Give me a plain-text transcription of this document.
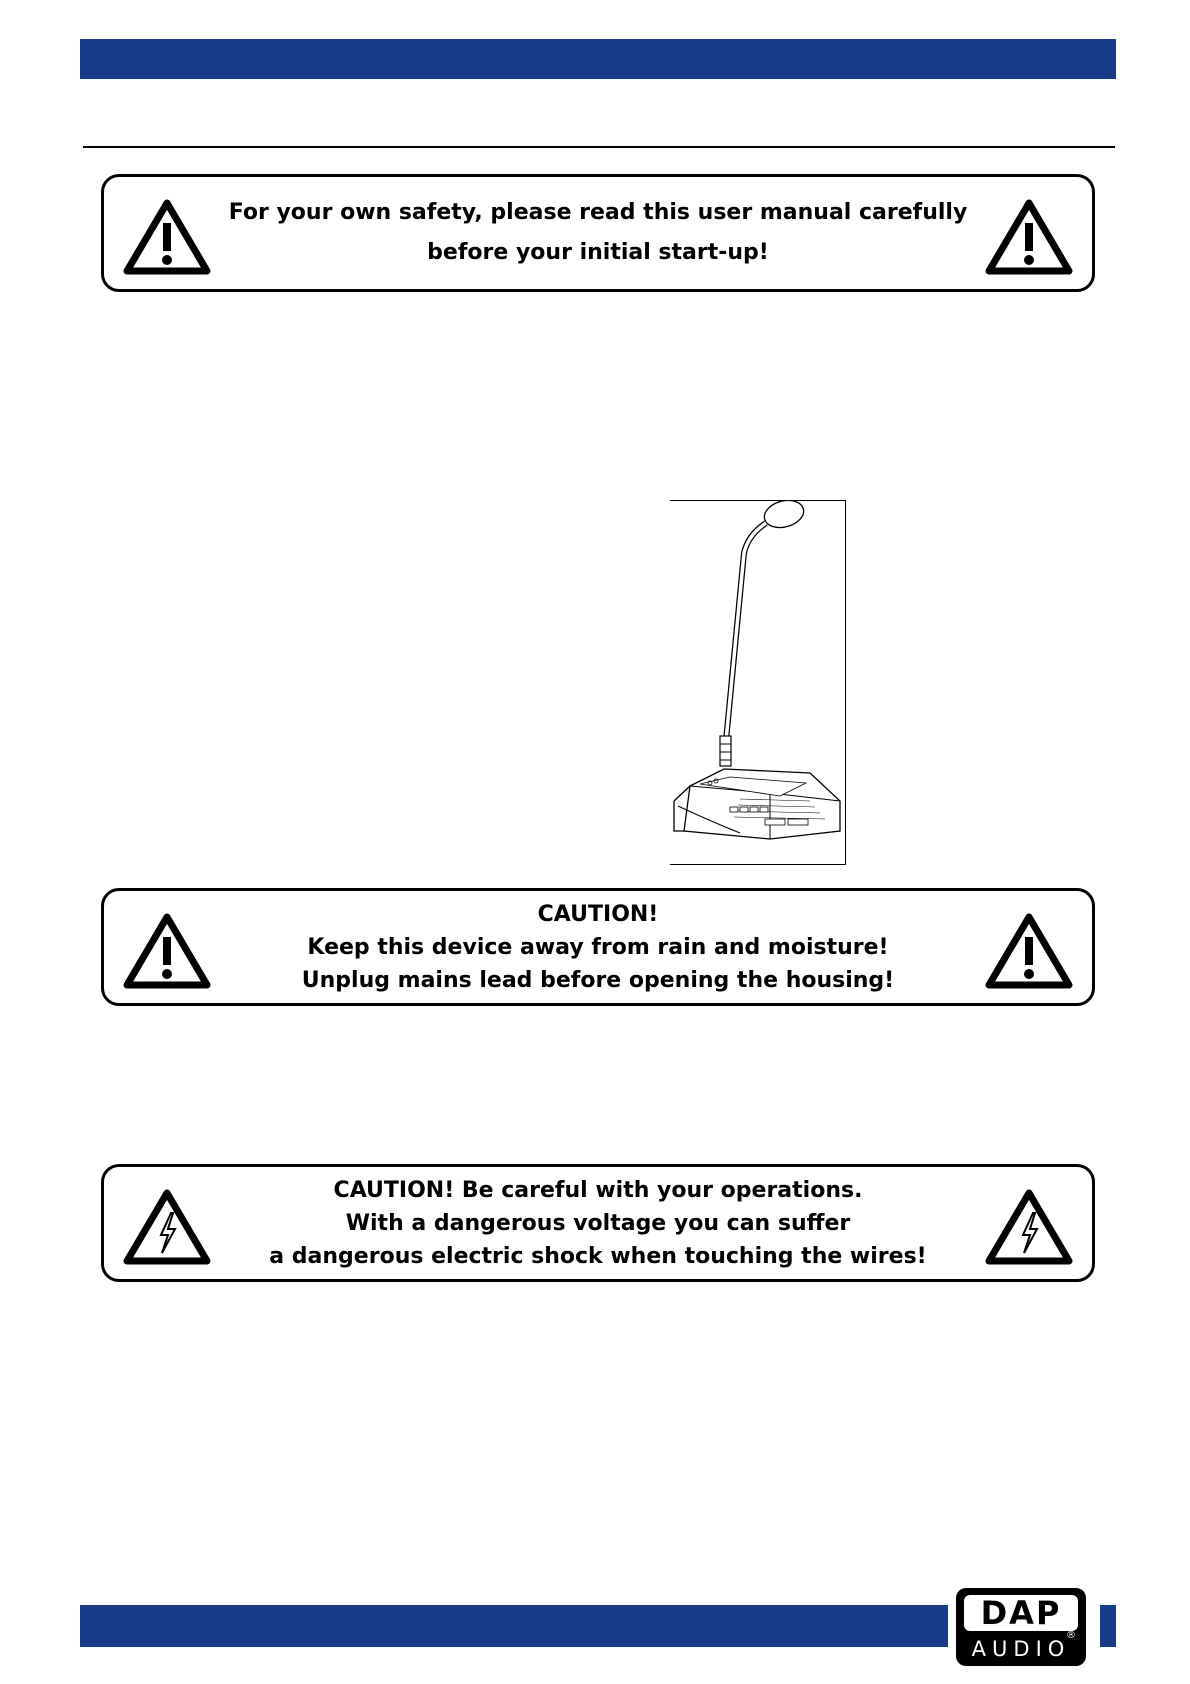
For your own safety, please read this user manual carefully
before your initial start-up!
CAUTION!
Keep this device away from rain and moisture!
Unplug mains lead before opening the housing!
CAUTION! Be careful with your operations.
With a dangerous voltage you can suffer
a dangerous electric shock when touching the wires!
DAP
®
AUDIO
